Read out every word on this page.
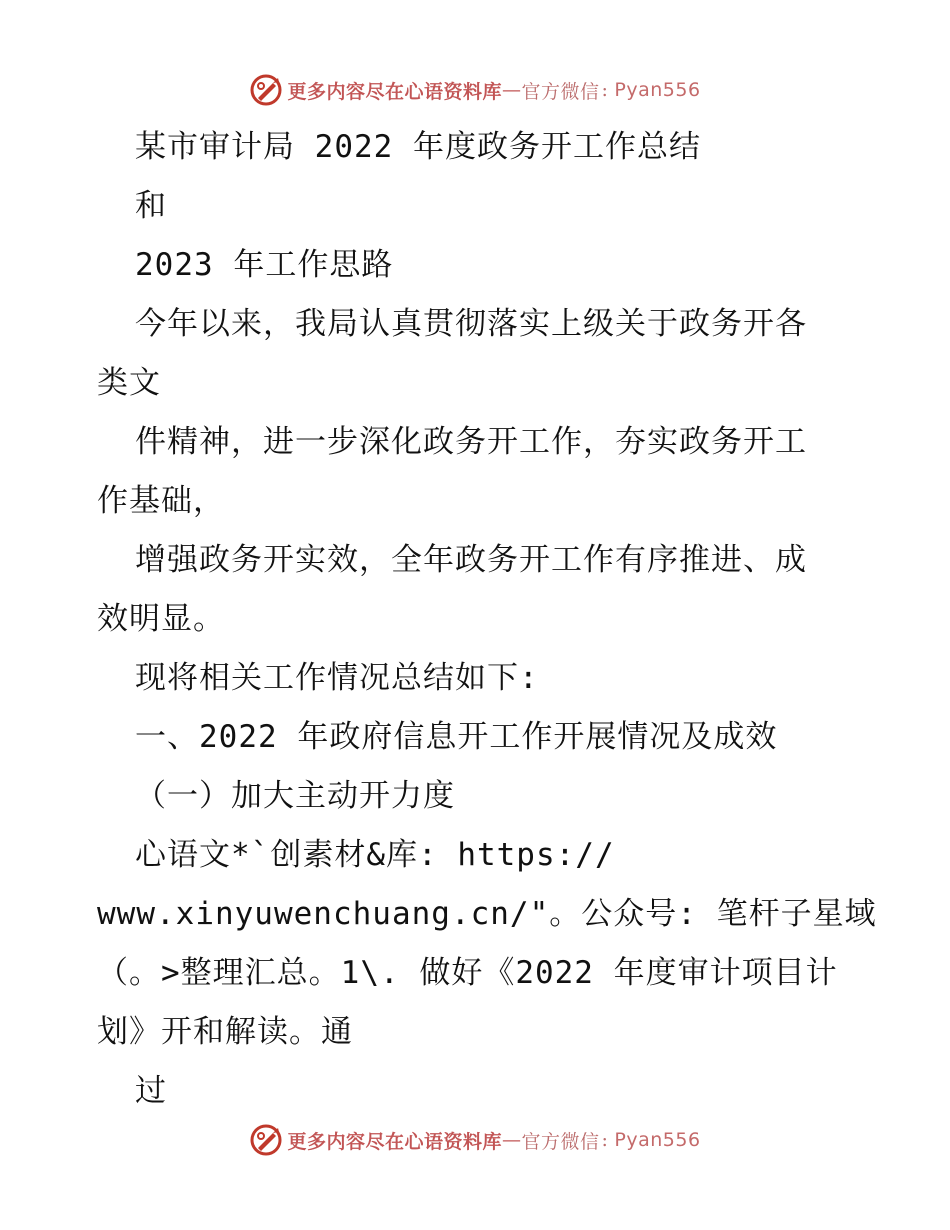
更多内容尽在心语资料库 — 官方微信 : Pyan556
某市审计局 2022 年度政务开工作总结
和
2023 年工作思路
今年以来，我局认真贯彻落实上级关于政务开各
类文
件精神，进一步深化政务开工作，夯实政务开工
作基础，
增强政务开实效，全年政务开工作有序推进、成
效明显。
现将相关工作情况总结如下:
一、2022 年政府信息开工作开展情况及成效
（一）加大主动开力度
心语文*`创素材&库: https://
www.xinyuwenchuang.cn/"。公众号: 笔杆子星域
（。>整理汇总。1\. 做好《2022 年度审计项目计
划》开和解读。通
过
更多内容尽在心语资料库 — 官方微信 : Pyan556
